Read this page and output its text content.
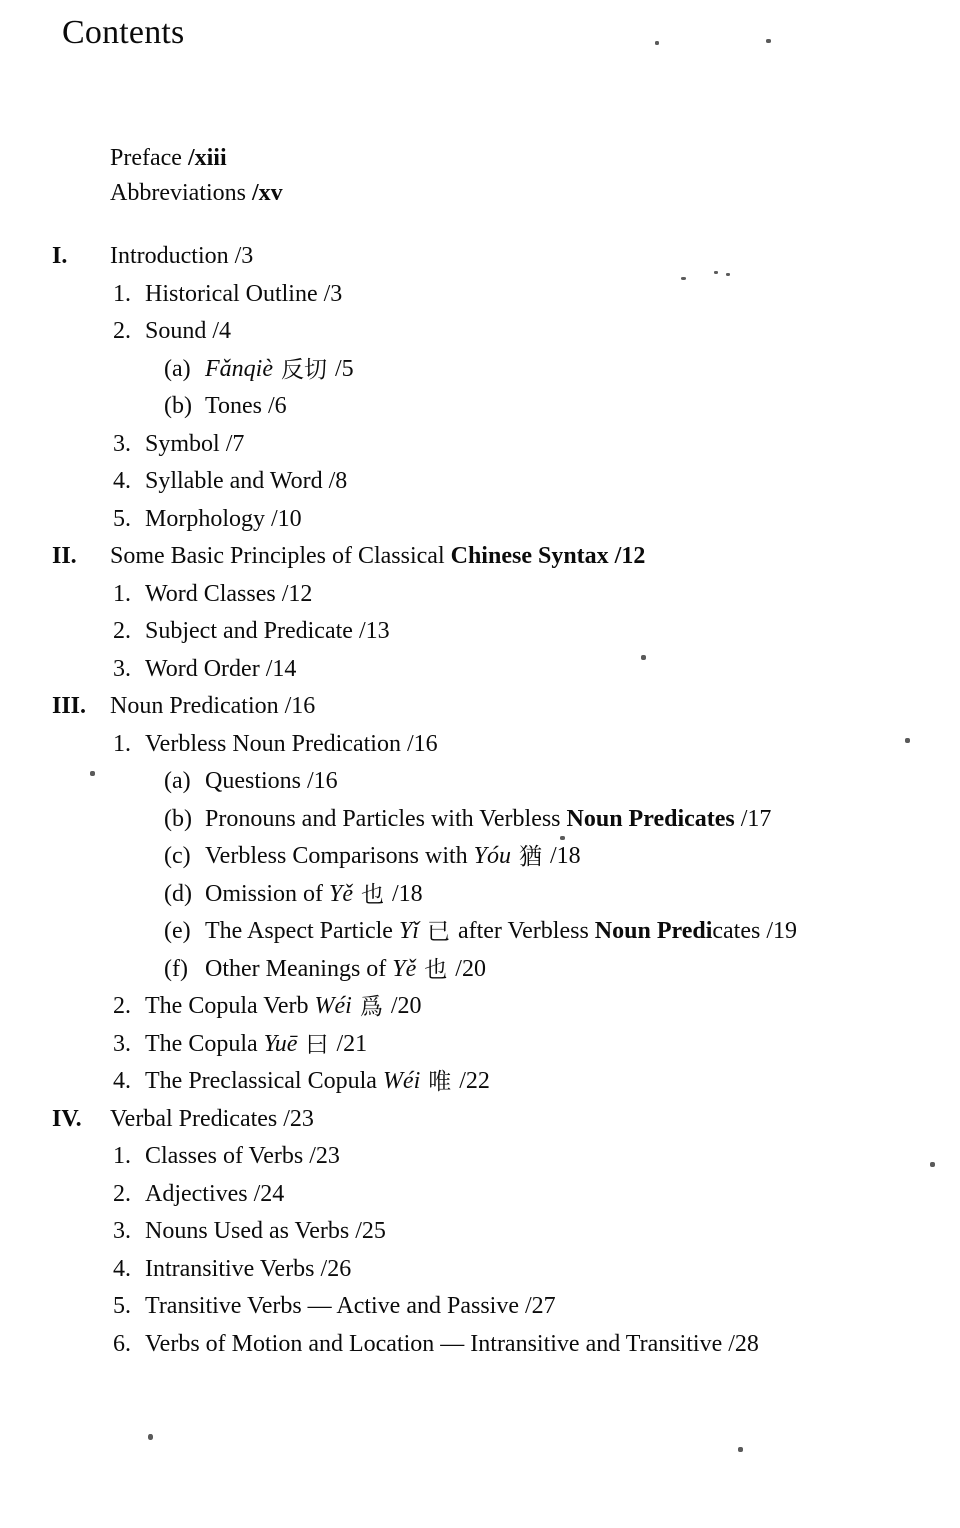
Contents
Preface /xiii
Abbreviations /xv
I.	Introduction /3
1. Historical Outline /3
2. Sound /4
(a) Fǎnqiè 反切 /5
(b) Tones /6
3. Symbol /7
4. Syllable and Word /8
5. Morphology /10
II.	Some Basic Principles of Classical Chinese Syntax /12
1. Word Classes /12
2. Subject and Predicate /13
3. Word Order /14
III. Noun Predication /16
1. Verbless Noun Predication /16
(a) Questions /16
(b) Pronouns and Particles with Verbless Noun Predicates /17
(c) Verbless Comparisons with Yóu 猶 /18
(d) Omission of Yě 也 /18
(e) The Aspect Particle Yǐ 已 after Verbless Noun Predicates /19
(f) Other Meanings of Yě 也 /20
2. The Copula Verb Wéi 爲 /20
3. The Copula Yuē 曰 /21
4. The Preclassical Copula Wéi 唯 /22
IV.	Verbal Predicates /23
1. Classes of Verbs /23
2. Adjectives /24
3. Nouns Used as Verbs /25
4. Intransitive Verbs /26
5. Transitive Verbs — Active and Passive /27
6. Verbs of Motion and Location — Intransitive and Transitive /28
